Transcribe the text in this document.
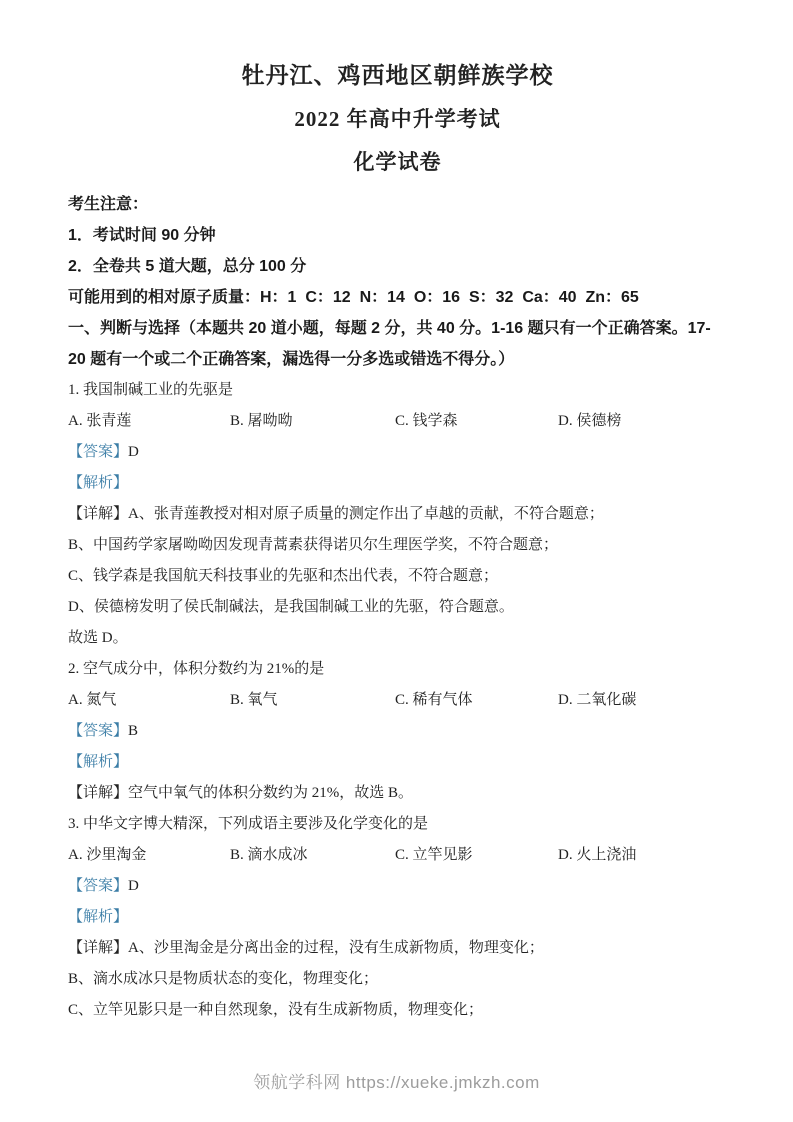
牡丹江、鸡西地区朝鲜族学校

2022 年高中升学考试

化学试卷

考生注意：

1．考试时间 90 分钟

2．全卷共 5 道大题，总分 100 分

可能用到的相对原子质量：H：1  C：12  N：14  O：16  S：32  Ca：40  Zn：65

一、判断与选择（本题共 20 道小题，每题 2 分，共 40 分。1-16 题只有一个正确答案。17-20 题有一个或二个正确答案，漏选得一分多选或错选不得分。）

1. 我国制碱工业的先驱是

A. 张青莲	B. 屠呦呦	C. 钱学森	D. 侯德榜

【答案】D

【解析】

【详解】A、张青莲教授对相对原子质量的测定作出了卓越的贡献，不符合题意；

B、中国药学家屠呦呦因发现青蒿素获得诺贝尔生理医学奖，不符合题意；

C、钱学森是我国航天科技事业的先驱和杰出代表，不符合题意；

D、侯德榜发明了侯氏制碱法，是我国制碱工业的先驱，符合题意。

故选 D。

2. 空气成分中，体积分数约为 21%的是

A. 氮气	B. 氧气	C. 稀有气体	D. 二氧化碳

【答案】B

【解析】

【详解】空气中氧气的体积分数约为 21%，故选 B。

3. 中华文字博大精深，下列成语主要涉及化学变化的是

A. 沙里淘金	B. 滴水成冰	C. 立竿见影	D. 火上浇油

【答案】D

【解析】

【详解】A、沙里淘金是分离出金的过程，没有生成新物质，物理变化；

B、滴水成冰只是物质状态的变化，物理变化；

C、立竿见影只是一种自然现象，没有生成新物质，物理变化；

领航学科网 https://xueke.jmkzh.com
